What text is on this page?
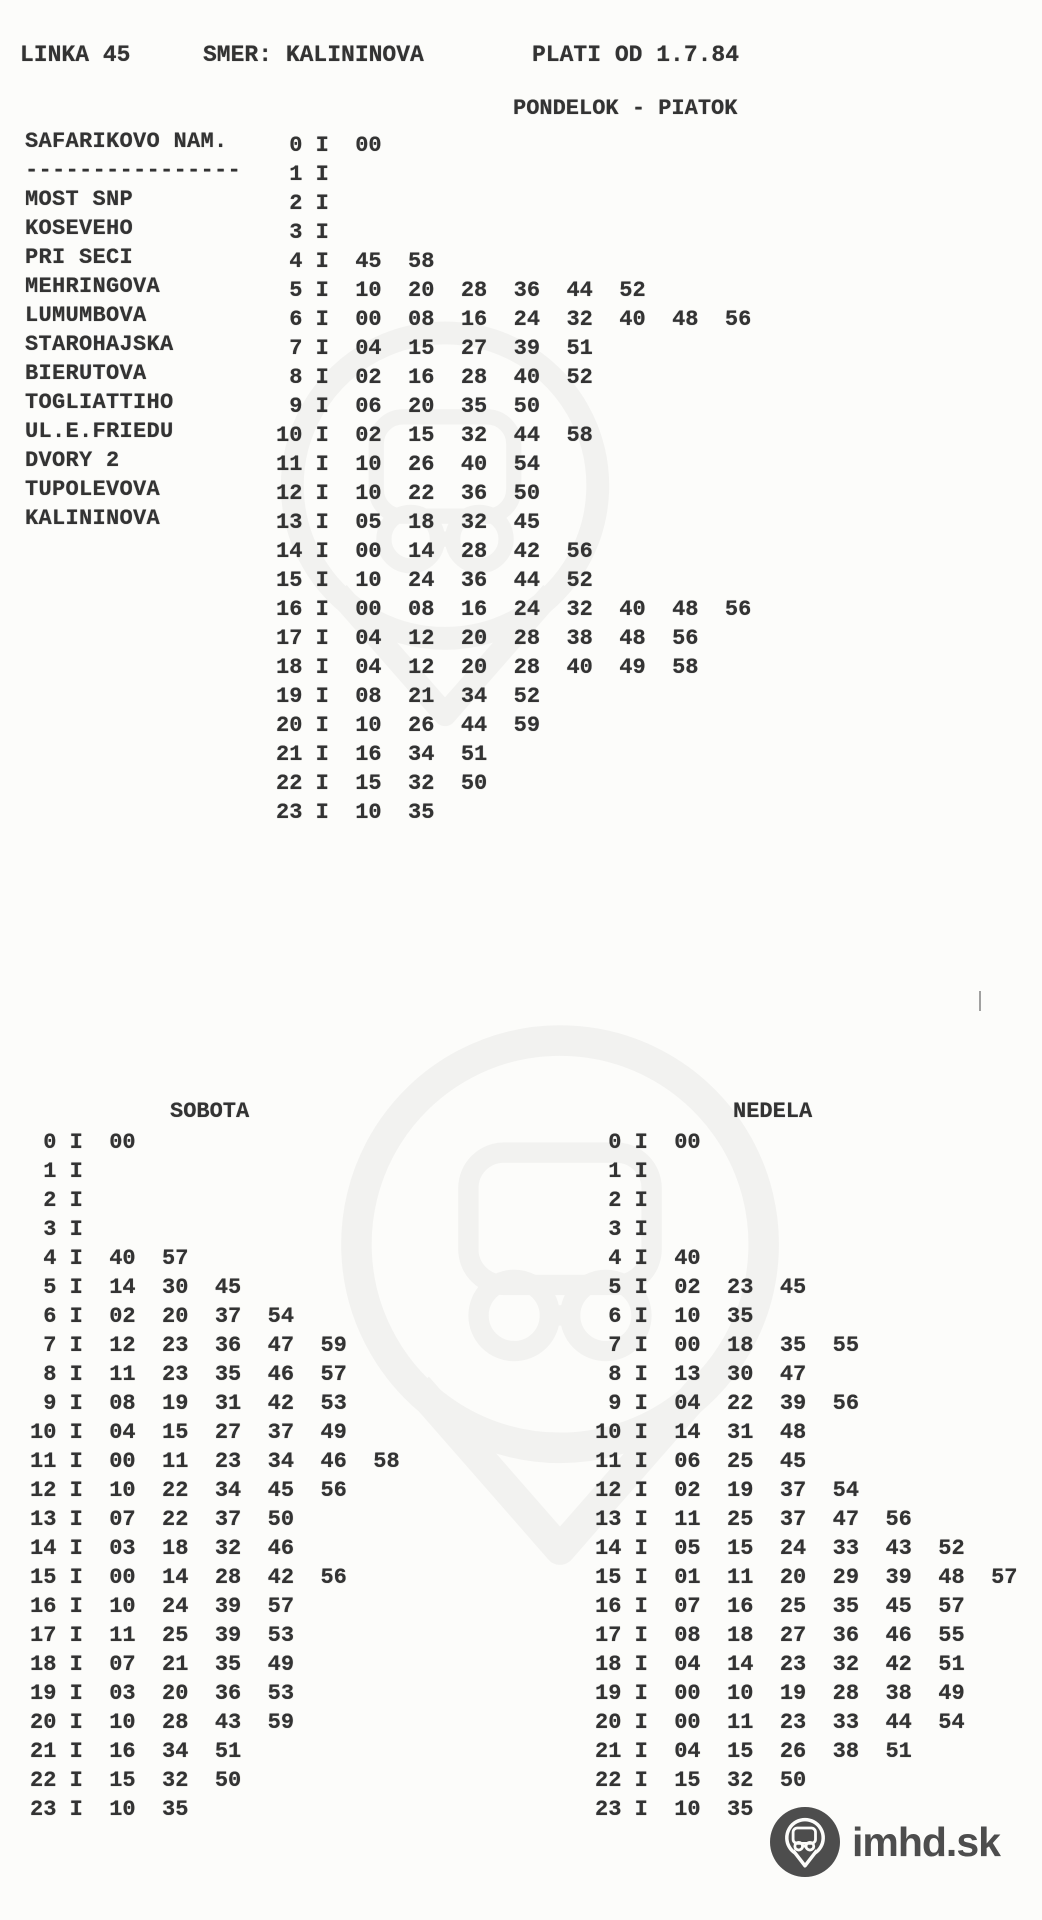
LINKA 45	SMER: KALININOVA	PLATI OD 1.7.84
PONDELOK - PIATOK
SAFARIKOVO NAM.
----------------
MOST SNP
KOSEVEHO
PRI SECI
MEHRINGOVA
LUMUMBOVA
STAROHAJSKA
BIERUTOVA
TOGLIATTIHO
UL.E.FRIEDU
DVORY 2
TUPOLEVOVA
KALININOVA
0 I  00
1 I
2 I
3 I
4 I  45  58
5 I  10  20  28  36  44  52
6 I  00  08  16  24  32  40  48  56
7 I  04  15  27  39  51
8 I  02  16  28  40  52
9 I  06  20  35  50
10 I  02  15  32  44  58
11 I  10  26  40  54
12 I  10  22  36  50
13 I  05  18  32  45
14 I  00  14  28  42  56
15 I  10  24  36  44  52
16 I  00  08  16  24  32  40  48  56
17 I  04  12  20  28  38  48  56
18 I  04  12  20  28  40  49  58
19 I  08  21  34  52
20 I  10  26  44  59
21 I  16  34  51
22 I  15  32  50
23 I  10  35
SOBOTA
0 I  00
1 I
2 I
3 I
4 I  40  57
5 I  14  30  45
6 I  02  20  37  54
7 I  12  23  36  47  59
8 I  11  23  35  46  57
9 I  08  19  31  42  53
10 I  04  15  27  37  49
11 I  00  11  23  34  46  58
12 I  10  22  34  45  56
13 I  07  22  37  50
14 I  03  18  32  46
15 I  00  14  28  42  56
16 I  10  24  39  57
17 I  11  25  39  53
18 I  07  21  35  49
19 I  03  20  36  53
20 I  10  28  43  59
21 I  16  34  51
22 I  15  32  50
23 I  10  35
NEDELA
0 I  00
1 I
2 I
3 I
4 I  40
5 I  02  23  45
6 I  10  35
7 I  00  18  35  55
8 I  13  30  47
9 I  04  22  39  56
10 I  14  31  48
11 I  06  25  45
12 I  02  19  37  54
13 I  11  25  37  47  56
14 I  05  15  24  33  43  52
15 I  01  11  20  29  39  48  57
16 I  07  16  25  35  45  57
17 I  08  18  27  36  46  55
18 I  04  14  23  32  42  51
19 I  00  10  19  28  38  49
20 I  00  11  23  33  44  54
21 I  04  15  26  38  51
22 I  15  32  50
23 I  10  35
imhd.sk
